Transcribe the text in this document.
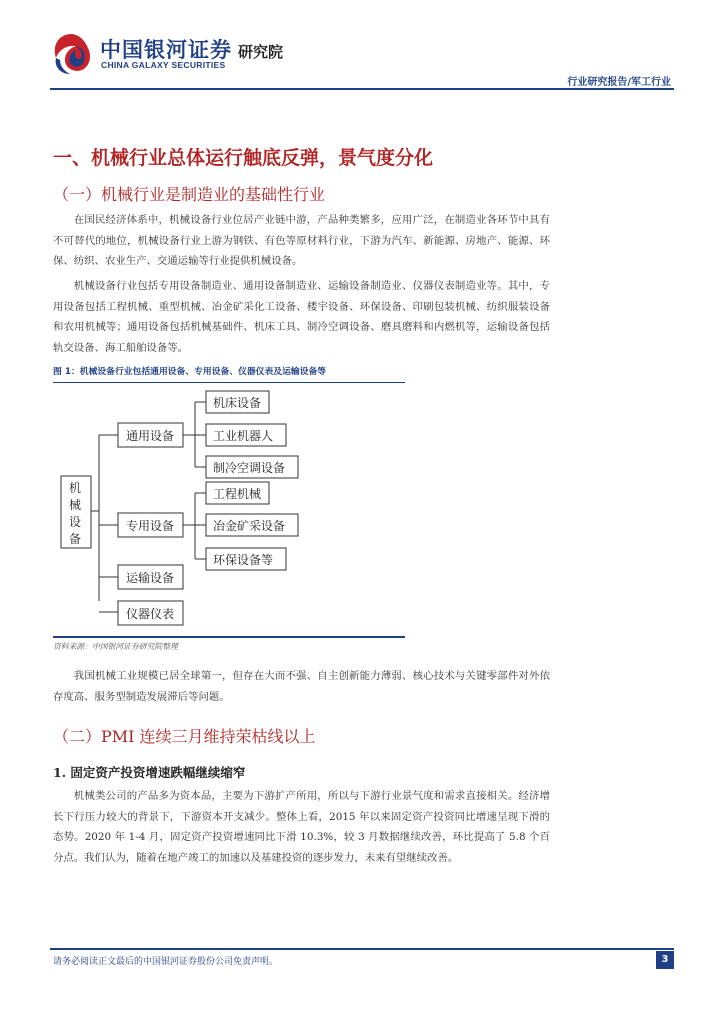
中国银河证券 研究院
CHINA GALAXY SECURITIES
行业研究报告/军工行业
一、机械行业总体运行触底反弹，景气度分化
（一）机械行业是制造业的基础性行业
在国民经济体系中，机械设备行业位居产业链中游，产品种类繁多，应用广泛，在制造业各环节中具有不可替代的地位，机械设备行业上游为钢铁、有色等原材料行业，下游为汽车、新能源、房地产、能源、环保、纺织、农业生产、交通运输等行业提供机械设备。
机械设备行业包括专用设备制造业、通用设备制造业、运输设备制造业、仪器仪表制造业等。其中，专用设备包括工程机械、重型机械、冶金矿采化工设备、楼宇设备、环保设备、印刷包装机械、纺织服装设备和农用机械等；通用设备包括机械基础件、机床工具、制冷空调设备、磨具磨料和内燃机等，运输设备包括轨交设备、海工船舶设备等。
图 1：机械设备行业包括通用设备、专用设备、仪器仪表及运输设备等
机
械
设
备
通用设备
专用设备
运输设备
仪器仪表
机床设备
工业机器人
制冷空调设备
工程机械
冶金矿采设备
环保设备等
资料来源：中国银河证券研究院整理
我国机械工业规模已居全球第一，但存在大而不强、自主创新能力薄弱、核心技术与关键零部件对外依存度高、服务型制造发展滞后等问题。
（二）PMI 连续三月维持荣枯线以上
1. 固定资产投资增速跌幅继续缩窄
机械类公司的产品多为资本品，主要为下游扩产所用，所以与下游行业景气度和需求直接相关。经济增长下行压力较大的背景下，下游资本开支减少。整体上看，2015 年以来固定资产投资同比增速呈现下滑的态势。2020 年 1-4 月，固定资产投资增速同比下滑 10.3%，较 3 月数据继续改善，环比提高了 5.8 个百分点。我们认为，随着在地产竣工的加速以及基建投资的逐步发力，未来有望继续改善。
请务必阅读正文最后的中国银河证券股份公司免责声明。	3
